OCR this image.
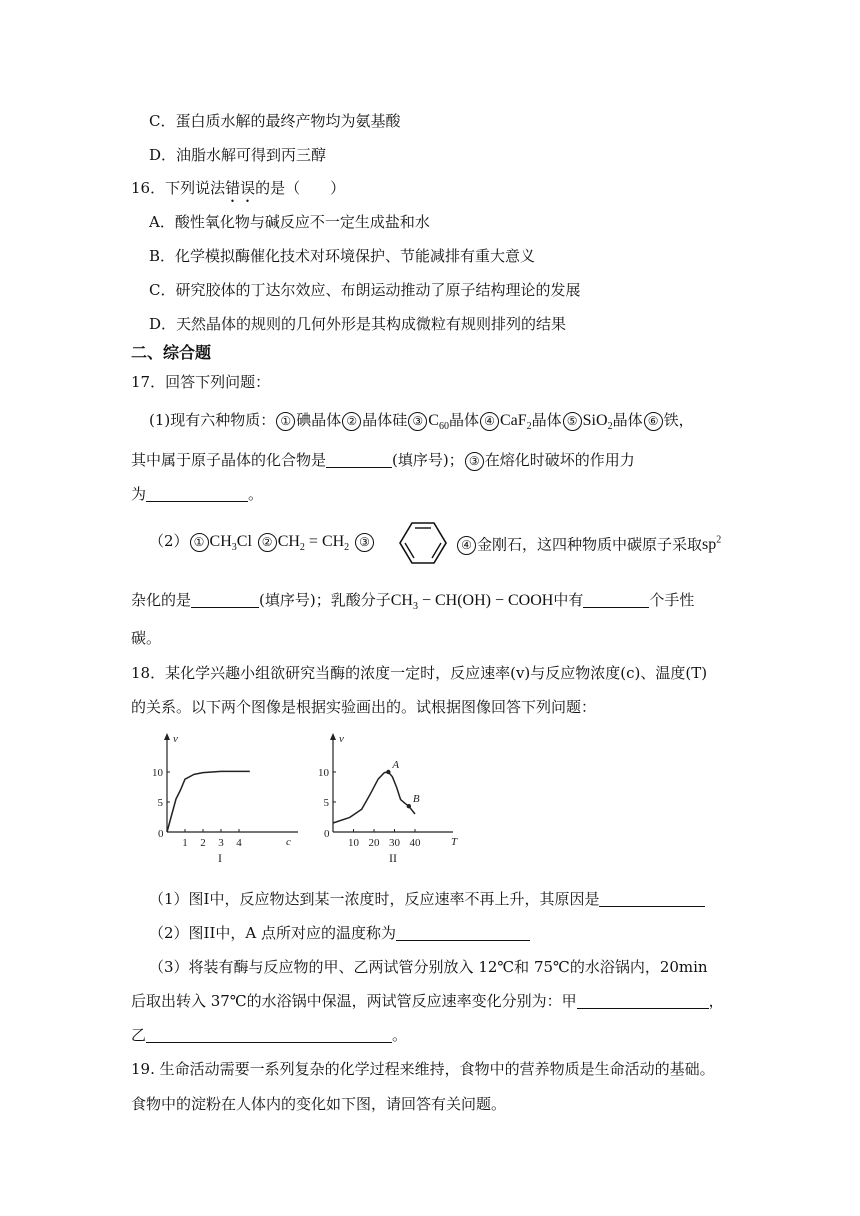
C．蛋白质水解的最终产物均为氨基酸
D．油脂水解可得到丙三醇
16．下列说法错误的是（　　）
A．酸性氧化物与碱反应不一定生成盐和水
B．化学模拟酶催化技术对环境保护、节能减排有重大意义
C．研究胶体的丁达尔效应、布朗运动推动了原子结构理论的发展
D．天然晶体的规则的几何外形是其构成微粒有规则排列的结果
二、综合题
17．回答下列问题：
(1)现有六种物质： ① 碘晶体 ② 晶体硅 ③ $C_{60}$晶体 ④ CaF$_2$晶体 ⑤ SiO$_2$晶体 ⑥ 铁，
其中属于原子晶体的化合物是	(填序号)； ③ 在熔化时破坏的作用力
为	。
（2） ① $CH_3Cl$ ② $CH_2 = CH_2$ ③	④ 金刚石，这四种物质中碳原子采取$sp^2$
杂化的是	(填序号)；乳酸分子$CH_3 - CH(OH)$ − COOH中有	个手性
碳。
18．某化学兴趣小组欲研究当酶的浓度一定时，反应速率(v)与反应物浓度(c)、温度(T)
的关系。以下两个图像是根据实验画出的。试根据图像回答下列问题：
v
c
0
1 2 3 4
5
10
I
v
T
0
10 20 30 40
5
10
A
B
II
（1）图I中，反应物达到某一浓度时，反应速率不再上升，其原因是
（2）图II中，A 点所对应的温度称为
（3）将装有酶与反应物的甲、乙两试管分别放入 12℃和 75℃的水浴锅内，20min
后取出转入 37℃的水浴锅中保温，两试管反应速率变化分别为：甲	，
乙	。
19. 生命活动需要一系列复杂的化学过程来维持，食物中的营养物质是生命活动的基础。
食物中的淀粉在人体内的变化如下图，请回答有关问题。
